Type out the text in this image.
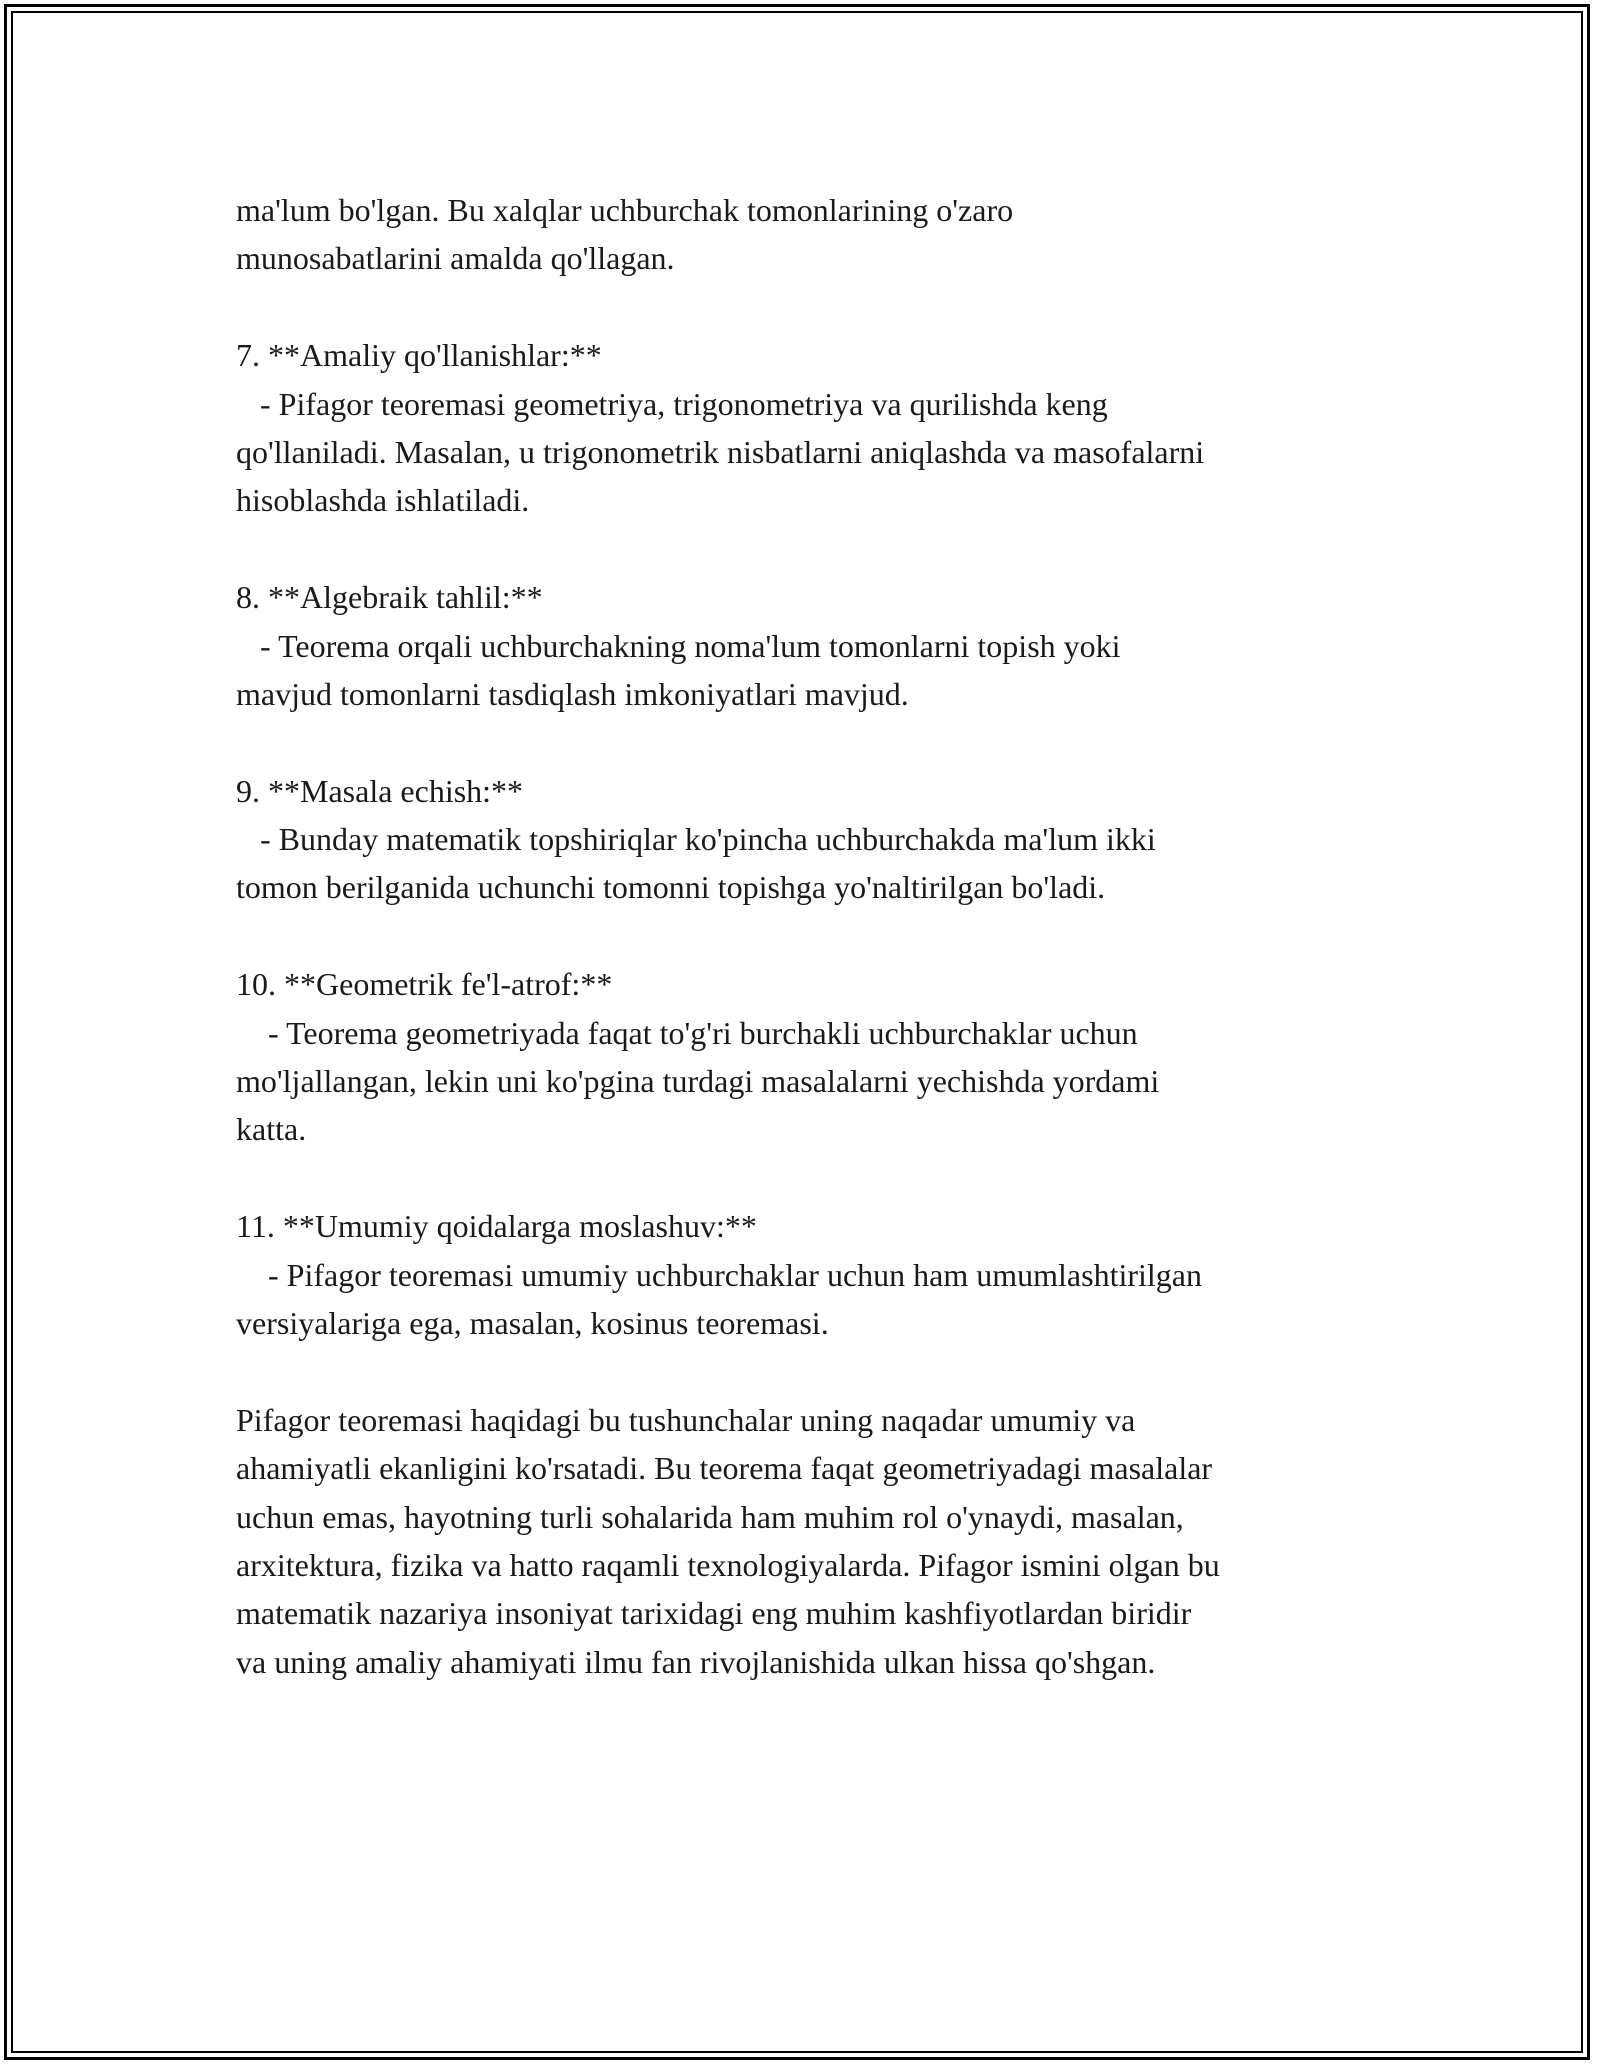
ma'lum bo'lgan. Bu xalqlar uchburchak tomonlarining o'zaro
munosabatlarini amalda qo'llagan.
7. **Amaliy qo'llanishlar:**
- Pifagor teoremasi geometriya, trigonometriya va qurilishda keng
qo'llaniladi. Masalan, u trigonometrik nisbatlarni aniqlashda va masofalarni
hisoblashda ishlatiladi.
8. **Algebraik tahlil:**
- Teorema orqali uchburchakning noma'lum tomonlarni topish yoki
mavjud tomonlarni tasdiqlash imkoniyatlari mavjud.
9. **Masala echish:**
- Bunday matematik topshiriqlar ko'pincha uchburchakda ma'lum ikki
tomon berilganida uchunchi tomonni topishga yo'naltirilgan bo'ladi.
10. **Geometrik fe'l-atrof:**
- Teorema geometriyada faqat to'g'ri burchakli uchburchaklar uchun
mo'ljallangan, lekin uni ko'pgina turdagi masalalarni yechishda yordami
katta.
11. **Umumiy qoidalarga moslashuv:**
- Pifagor teoremasi umumiy uchburchaklar uchun ham umumlashtirilgan
versiyalariga ega, masalan, kosinus teoremasi.
Pifagor teoremasi haqidagi bu tushunchalar uning naqadar umumiy va
ahamiyatli ekanligini ko'rsatadi. Bu teorema faqat geometriyadagi masalalar
uchun emas, hayotning turli sohalarida ham muhim rol o'ynaydi, masalan,
arxitektura, fizika va hatto raqamli texnologiyalarda. Pifagor ismini olgan bu
matematik nazariya insoniyat tarixidagi eng muhim kashfiyotlardan biridir
va uning amaliy ahamiyati ilmu fan rivojlanishida ulkan hissa qo'shgan.
